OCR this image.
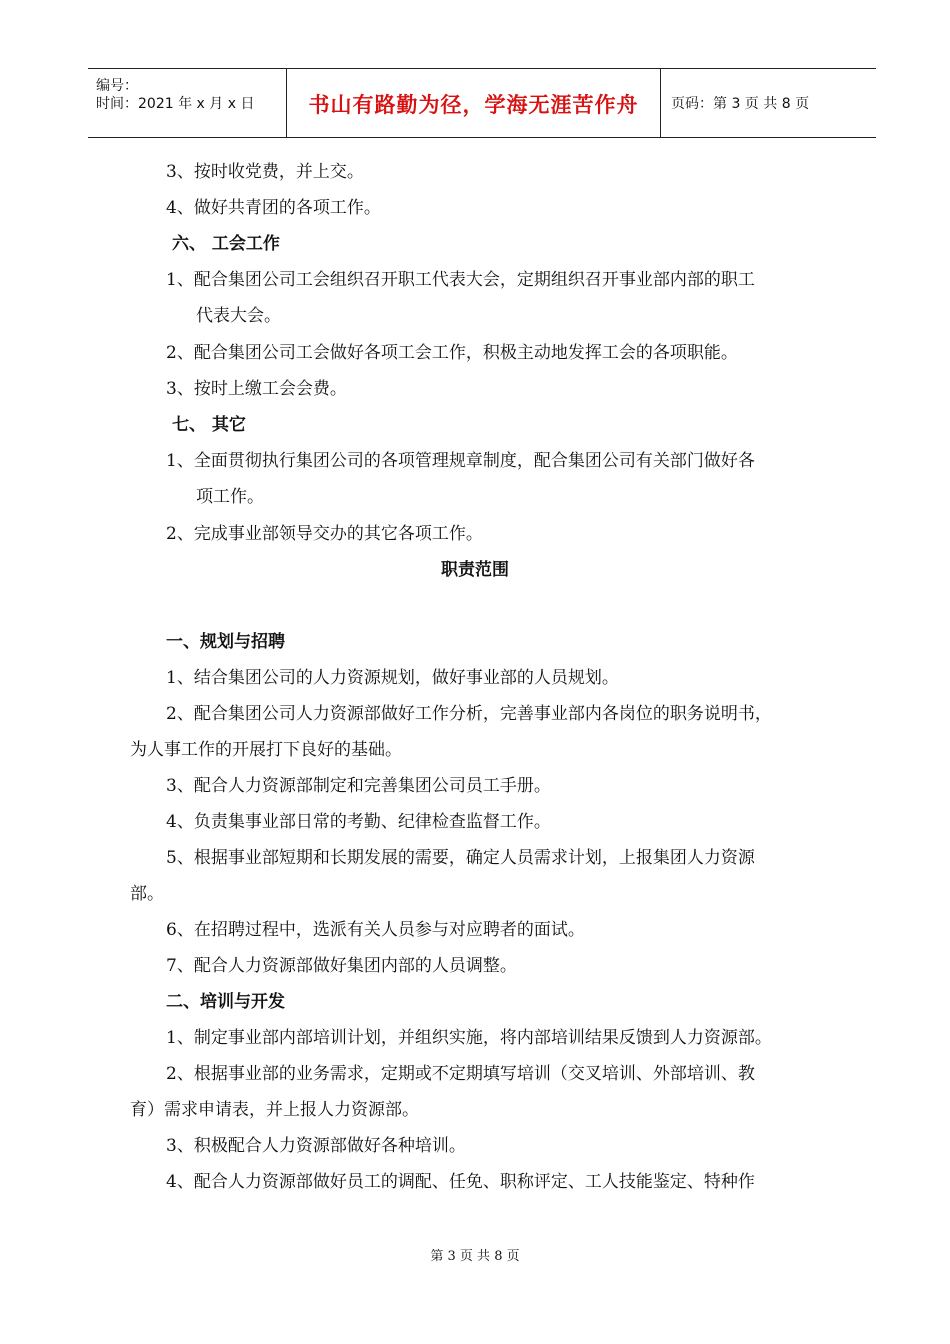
编号：
时间：2021 年 x 月 x 日	书山有路勤为径，学海无涯苦作舟	页码：第 3 页 共 8 页
3、按时收党费，并上交。
4、做好共青团的各项工作。
六、 工会工作
1、配合集团公司工会组织召开职工代表大会，定期组织召开事业部内部的职工
代表大会。
2、配合集团公司工会做好各项工会工作，积极主动地发挥工会的各项职能。
3、按时上缴工会会费。
七、 其它
1、全面贯彻执行集团公司的各项管理规章制度，配合集团公司有关部门做好各
项工作。
2、完成事业部领导交办的其它各项工作。
职责范围
一、规划与招聘
1、结合集团公司的人力资源规划，做好事业部的人员规划。
2、配合集团公司人力资源部做好工作分析，完善事业部内各岗位的职务说明书，
为人事工作的开展打下良好的基础。
3、配合人力资源部制定和完善集团公司员工手册。
4、负责集事业部日常的考勤、纪律检查监督工作。
5、根据事业部短期和长期发展的需要，确定人员需求计划，上报集团人力资源
部。
6、在招聘过程中，选派有关人员参与对应聘者的面试。
7、配合人力资源部做好集团内部的人员调整。
二、培训与开发
1、制定事业部内部培训计划，并组织实施，将内部培训结果反馈到人力资源部。
2、根据事业部的业务需求，定期或不定期填写培训（交叉培训、外部培训、教
育）需求申请表，并上报人力资源部。
3、积极配合人力资源部做好各种培训。
4、配合人力资源部做好员工的调配、任免、职称评定、工人技能鉴定、特种作
第 3 页 共 8 页
